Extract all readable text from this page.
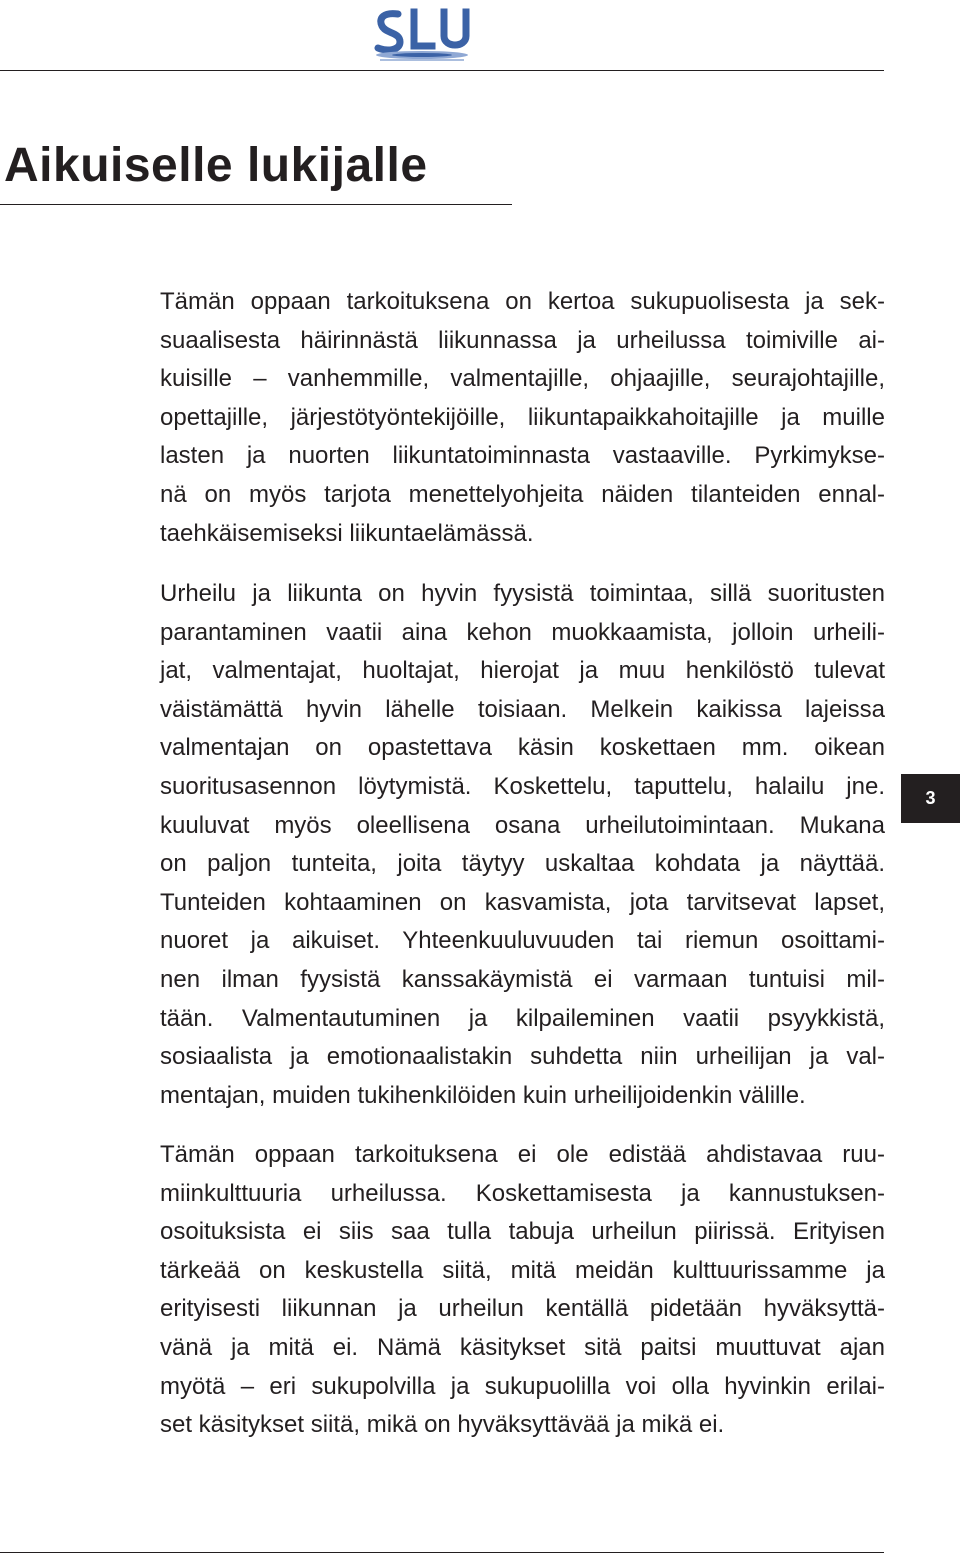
Aikuiselle lukijalle

Tämän oppaan tarkoituksena on kertoa sukupuolisesta ja sek-
suaalisesta häirinnästä liikunnassa ja urheilussa toimiville ai-
kuisille – vanhemmille, valmentajille, ohjaajille, seurajohtajille,
opettajille, järjestötyöntekijöille, liikuntapaikkahoitajille ja muille
lasten ja nuorten liikuntatoiminnasta vastaaville. Pyrkimykse-
nä on myös tarjota menettelyohjeita näiden tilanteiden ennal-
taehkäisemiseksi liikuntaelämässä.

Urheilu ja liikunta on hyvin fyysistä toimintaa, sillä suoritusten
parantaminen vaatii aina kehon muokkaamista, jolloin urheili-
jat, valmentajat, huoltajat, hierojat ja muu henkilöstö tulevat
väistämättä hyvin lähelle toisiaan. Melkein kaikissa lajeissa
valmentajan on opastettava käsin koskettaen mm. oikean
suoritusasennon löytymistä. Koskettelu, taputtelu, halailu jne.
kuuluvat myös oleellisena osana urheilutoimintaan. Mukana
on paljon tunteita, joita täytyy uskaltaa kohdata ja näyttää.
Tunteiden kohtaaminen on kasvamista, jota tarvitsevat lapset,
nuoret ja aikuiset. Yhteenkuuluvuuden tai riemun osoittami-
nen ilman fyysistä kanssakäymistä ei varmaan tuntuisi mil-
tään. Valmentautuminen ja kilpaileminen vaatii psyykkistä,
sosiaalista ja emotionaalistakin suhdetta niin urheilijan ja val-
mentajan, muiden tukihenkilöiden kuin urheilijoidenkin välille.

Tämän oppaan tarkoituksena ei ole edistää ahdistavaa ruu-
miinkulttuuria urheilussa. Koskettamisesta ja kannustuksen-
osoituksista ei siis saa tulla tabuja urheilun piirissä. Erityisen
tärkeää on keskustella siitä, mitä meidän kulttuurissamme ja
erityisesti liikunnan ja urheilun kentällä pidetään hyväksyttä-
vänä ja mitä ei. Nämä käsitykset sitä paitsi muuttuvat ajan
myötä – eri sukupolvilla ja sukupuolilla voi olla hyvinkin erilai-
set käsitykset siitä, mikä on hyväksyttävää ja mikä ei.

3
